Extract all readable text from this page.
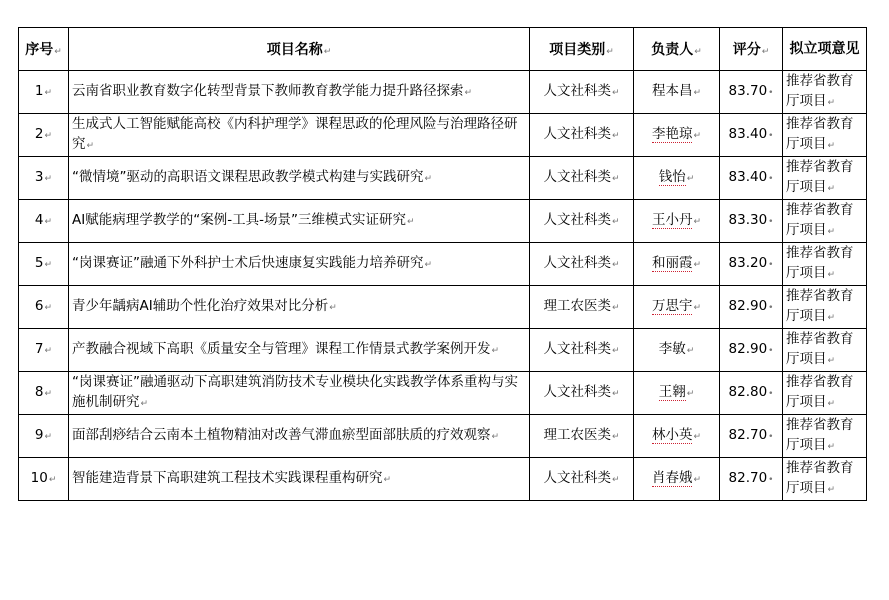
序号↵	项目名称↵	项目类别↵	负责人↵	评分↵	拟立项意见
1↵	云南省职业教育数字化转型背景下教师教育教学能力提升路径探索↵	人文社科类↵	程本昌↵	83.70•	推荐省教育厅项目↵
2↵	生成式人工智能赋能高校《内科护理学》课程思政的伦理风险与治理路径研究↵	人文社科类↵	李艳琼↵	83.40•	推荐省教育厅项目↵
3↵	“微情境”驱动的高职语文课程思政教学模式构建与实践研究↵	人文社科类↵	钱怡↵	83.40•	推荐省教育厅项目↵
4↵	AI赋能病理学教学的“案例-工具-场景”三维模式实证研究↵	人文社科类↵	王小丹↵	83.30•	推荐省教育厅项目↵
5↵	“岗课赛证”融通下外科护士术后快速康复实践能力培养研究↵	人文社科类↵	和丽霞↵	83.20•	推荐省教育厅项目↵
6↵	青少年龋病AI辅助个性化治疗效果对比分析↵	理工农医类↵	万思宇↵	82.90•	推荐省教育厅项目↵
7↵	产教融合视域下高职《质量安全与管理》课程工作情景式教学案例开发↵	人文社科类↵	李敏↵	82.90•	推荐省教育厅项目↵
8↵	“岗课赛证”融通驱动下高职建筑消防技术专业模块化实践教学体系重构与实施机制研究↵	人文社科类↵	王翱↵	82.80•	推荐省教育厅项目↵
9↵	面部刮痧结合云南本土植物精油对改善气滞血瘀型面部肤质的疗效观察↵	理工农医类↵	林小英↵	82.70•	推荐省教育厅项目↵
10↵	智能建造背景下高职建筑工程技术实践课程重构研究↵	人文社科类↵	肖春娥↵	82.70•	推荐省教育厅项目↵
